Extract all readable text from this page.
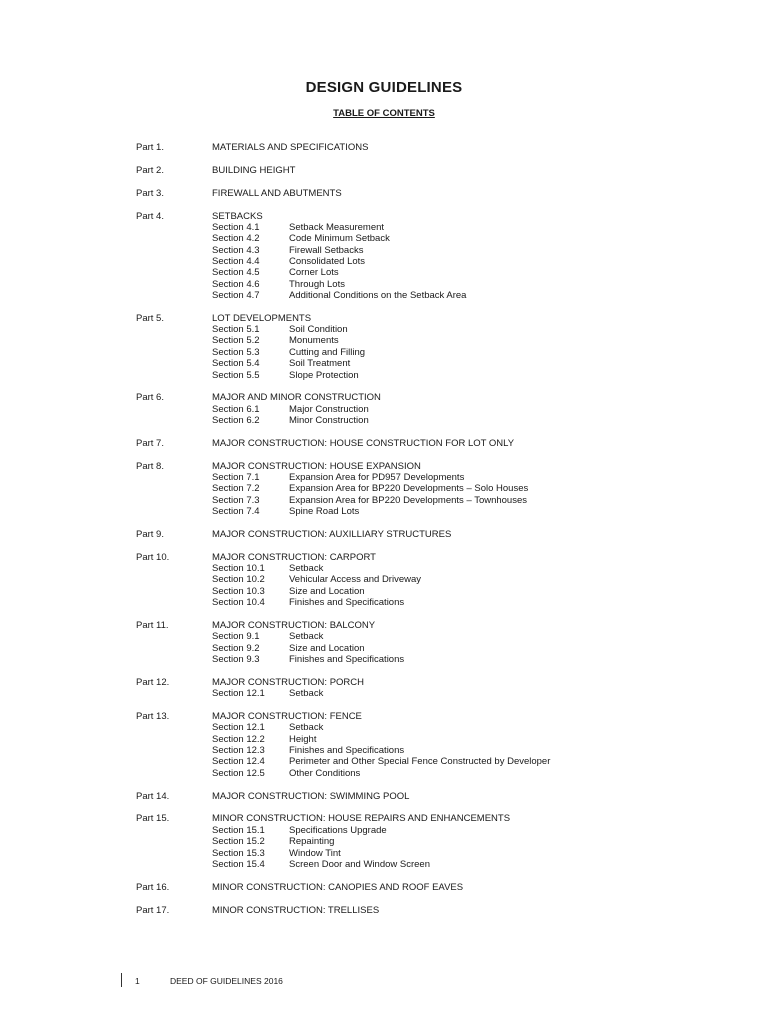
DESIGN GUIDELINES
TABLE OF CONTENTS
Part 1.	MATERIALS AND SPECIFICATIONS
Part 2.	BUILDING HEIGHT
Part 3.	FIREWALL AND ABUTMENTS
Part 4.	SETBACKS
Section 4.1	Setback Measurement
Section 4.2	Code Minimum Setback
Section 4.3	Firewall Setbacks
Section 4.4	Consolidated Lots
Section 4.5	Corner Lots
Section 4.6	Through Lots
Section 4.7	Additional Conditions on the Setback Area
Part 5.	LOT DEVELOPMENTS
Section 5.1	Soil Condition
Section 5.2	Monuments
Section 5.3	Cutting and Filling
Section 5.4	Soil Treatment
Section 5.5	Slope Protection
Part 6.	MAJOR AND MINOR CONSTRUCTION
Section 6.1	Major Construction
Section 6.2	Minor Construction
Part 7.	MAJOR CONSTRUCTION: HOUSE CONSTRUCTION FOR LOT ONLY
Part 8.	MAJOR CONSTRUCTION: HOUSE EXPANSION
Section 7.1	Expansion Area for PD957 Developments
Section 7.2	Expansion Area for BP220 Developments – Solo Houses
Section 7.3	Expansion Area for BP220 Developments – Townhouses
Section 7.4	Spine Road Lots
Part 9.	MAJOR CONSTRUCTION: AUXILLIARY STRUCTURES
Part 10.	MAJOR CONSTRUCTION: CARPORT
Section 10.1	Setback
Section 10.2	Vehicular Access and Driveway
Section 10.3	Size and Location
Section 10.4	Finishes and Specifications
Part 11.	MAJOR CONSTRUCTION: BALCONY
Section 9.1	Setback
Section 9.2	Size and Location
Section 9.3	Finishes and Specifications
Part 12.	MAJOR CONSTRUCTION: PORCH
Section 12.1	Setback
Part 13.	MAJOR CONSTRUCTION: FENCE
Section 12.1	Setback
Section 12.2	Height
Section 12.3	Finishes and Specifications
Section 12.4	Perimeter and Other Special Fence Constructed by Developer
Section 12.5	Other Conditions
Part 14.	MAJOR CONSTRUCTION: SWIMMING POOL
Part 15.	MINOR CONSTRUCTION: HOUSE REPAIRS AND ENHANCEMENTS
Section 15.1	Specifications Upgrade
Section 15.2	Repainting
Section 15.3	Window Tint
Section 15.4	Screen Door and Window Screen
Part 16.	MINOR CONSTRUCTION: CANOPIES AND ROOF EAVES
Part 17.	MINOR CONSTRUCTION: TRELLISES
1	DEED OF GUIDELINES 2016
